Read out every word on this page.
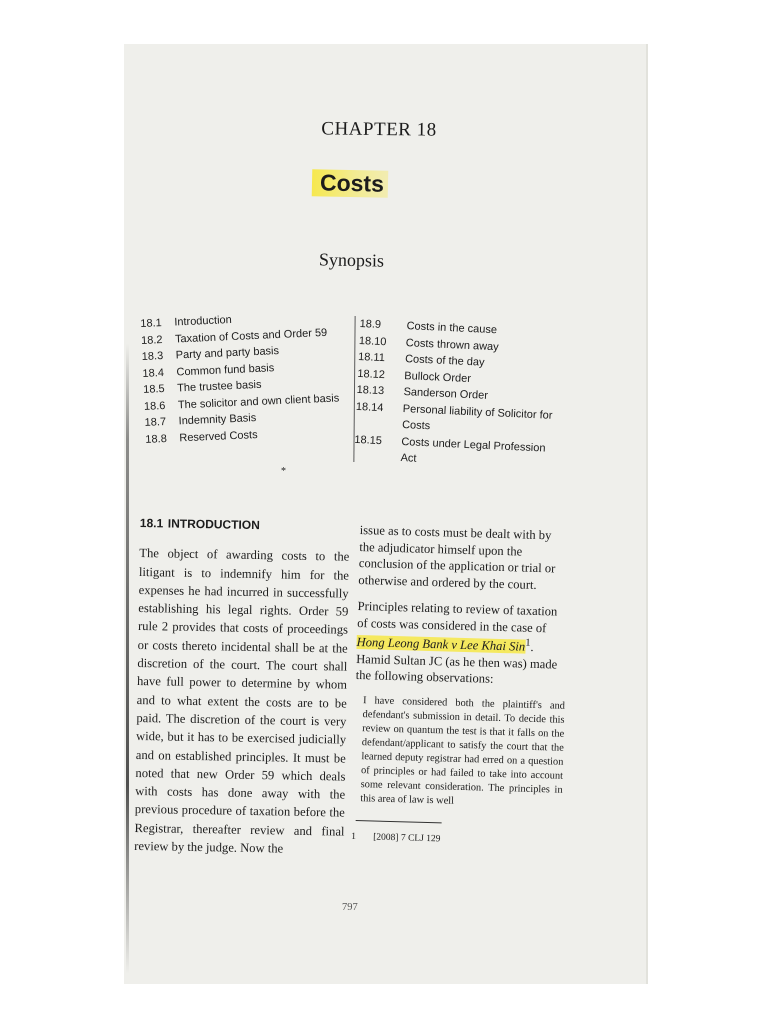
CHAPTER 18
Costs
Synopsis
18.1	Introduction
18.2	Taxation of Costs and Order 59
18.3	Party and party basis
18.4	Common fund basis
18.5	The trustee basis
18.6	The solicitor and own client basis
18.7	Indemnity Basis
18.8	Reserved Costs
18.9	Costs in the cause
18.10	Costs thrown away
18.11	Costs of the day
18.12	Bullock Order
18.13	Sanderson Order
18.14	Personal liability of Solicitor for Costs
18.15	Costs under Legal Profession Act
*
18.1 INTRODUCTION

The object of awarding costs to the litigant is to indemnify him for the expenses he had incurred in successfully establishing his legal rights. Order 59 rule 2 provides that costs of proceedings or costs thereto incidental shall be at the discretion of the court. The court shall have full power to determine by whom and to what extent the costs are to be paid. The discretion of the court is very wide, but it has to be exercised judicially and on established principles. It must be noted that new Order 59 which deals with costs has done away with the previous procedure of taxation before the Registrar, thereafter review and final review by the judge. Now the

issue as to costs must be dealt with by the adjudicator himself upon the conclusion of the application or trial or otherwise and ordered by the court.

Principles relating to review of taxation of costs was considered in the case of Hong Leong Bank v Lee Khai Sin$^1$. Hamid Sultan JC (as he then was) made the following observations:

I have considered both the plaintiff's and defendant's submission in detail. To decide this review on quantum the test is that it falls on the defendant/applicant to satisfy the court that the learned deputy registrar had erred on a question of principles or had failed to take into account some relevant consideration. The principles in this area of law is well
1	[2008] 7 CLJ 129
797
